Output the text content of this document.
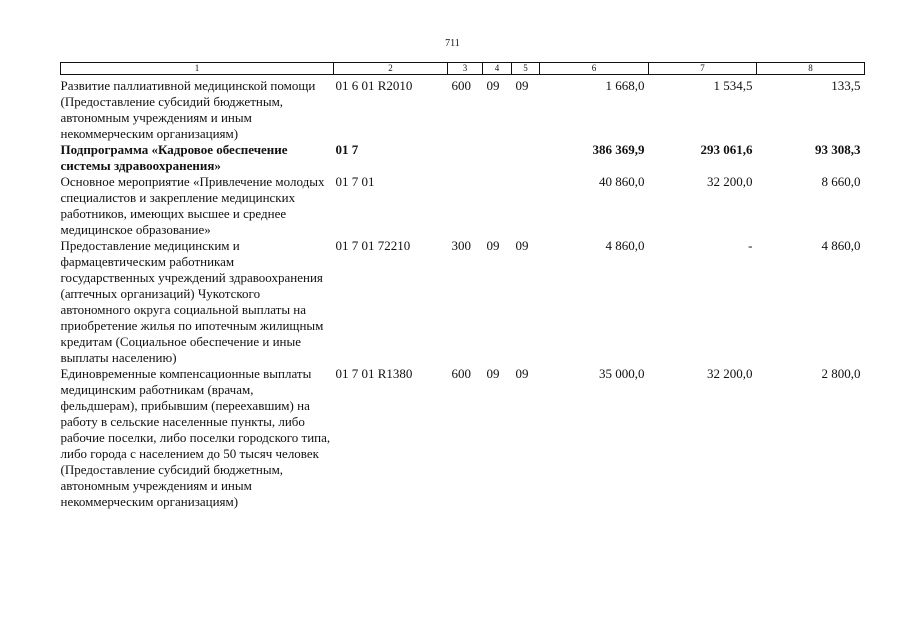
711
1	2	3	4	5	6	7	8
Развитие паллиативной медицинской помощи (Предоставление субсидий бюджетным, автономным учреждениям и иным некоммерческим организациям)	01 6 01 R2010	600	09	09	1 668,0	1 534,5	133,5
Подпрограмма «Кадровое обеспечение системы здравоохранения»	01 7				386 369,9	293 061,6	93 308,3
Основное мероприятие «Привлечение молодых специалистов и закрепление медицинских работников, имеющих высшее и среднее медицинское образование»	01 7 01				40 860,0	32 200,0	8 660,0
Предоставление медицинским и фармацевтическим работникам государственных учреждений здравоохранения (аптечных организаций) Чукотского автономного округа социальной выплаты на приобретение жилья по ипотечным жилищным кредитам (Социальное обеспечение и иные выплаты населению)	01 7 01 72210	300	09	09	4 860,0	-	4 860,0
Единовременные компенсационные выплаты медицинским работникам (врачам, фельдшерам), прибывшим (переехавшим) на работу в сельские населенные пункты, либо рабочие поселки, либо поселки городского типа, либо города с населением до 50 тысяч человек (Предоставление субсидий бюджетным, автономным учреждениям и иным некоммерческим организациям)	01 7 01 R1380	600	09	09	35 000,0	32 200,0	2 800,0
